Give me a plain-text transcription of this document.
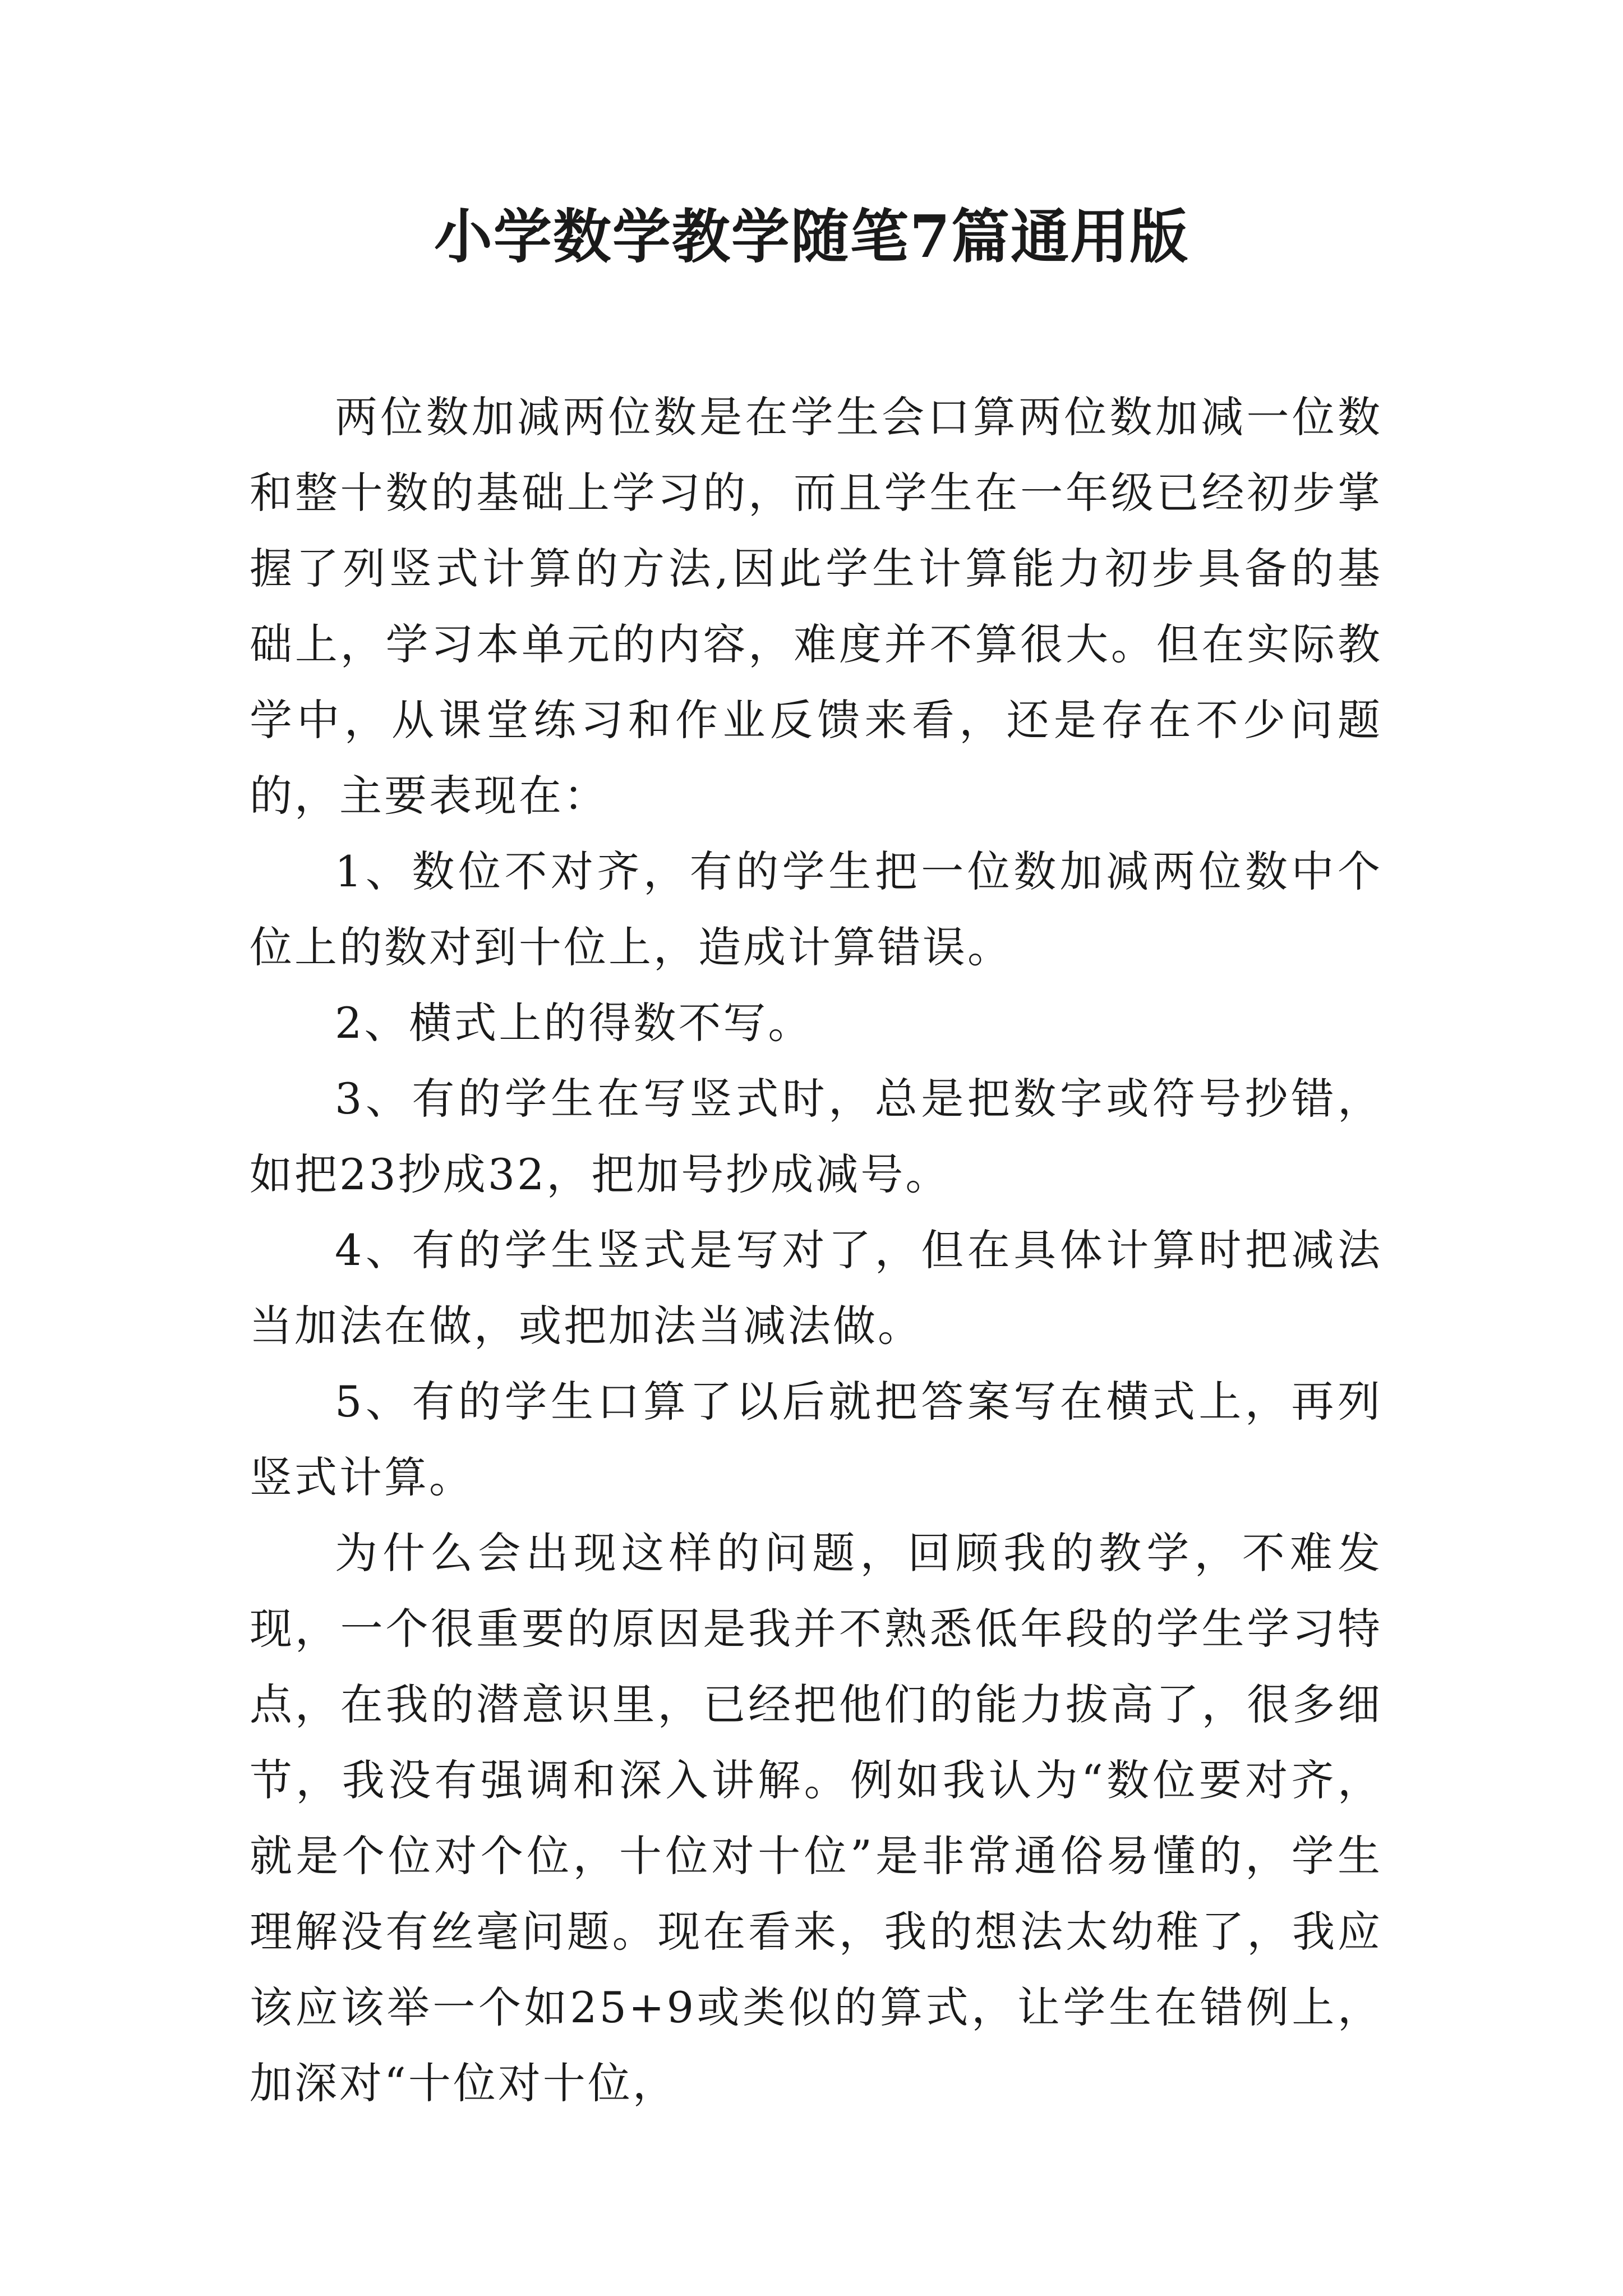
小学数学教学随笔7篇通用版

两位数加减两位数是在学生会口算两位数加减一位数和整十数的基础上学习的，而且学生在一年级已经初步掌握了列竖式计算的方法,因此学生计算能力初步具备的基础上，学习本单元的内容，难度并不算很大。但在实际教学中，从课堂练习和作业反馈来看，还是存在不少问题的，主要表现在：

1、数位不对齐，有的学生把一位数加减两位数中个位上的数对到十位上，造成计算错误。

2、横式上的得数不写。

3、有的学生在写竖式时，总是把数字或符号抄错，如把23抄成32，把加号抄成减号。

4、有的学生竖式是写对了，但在具体计算时把减法当加法在做，或把加法当减法做。

5、有的学生口算了以后就把答案写在横式上，再列竖式计算。

为什么会出现这样的问题，回顾我的教学，不难发现，一个很重要的原因是我并不熟悉低年段的学生学习特点，在我的潜意识里，已经把他们的能力拔高了，很多细节，我没有强调和深入讲解。例如我认为“数位要对齐，就是个位对个位，十位对十位”是非常通俗易懂的，学生理解没有丝毫问题。现在看来，我的想法太幼稚了，我应该应该举一个如25+9或类似的算式，让学生在错例上，加深对“十位对十位，
